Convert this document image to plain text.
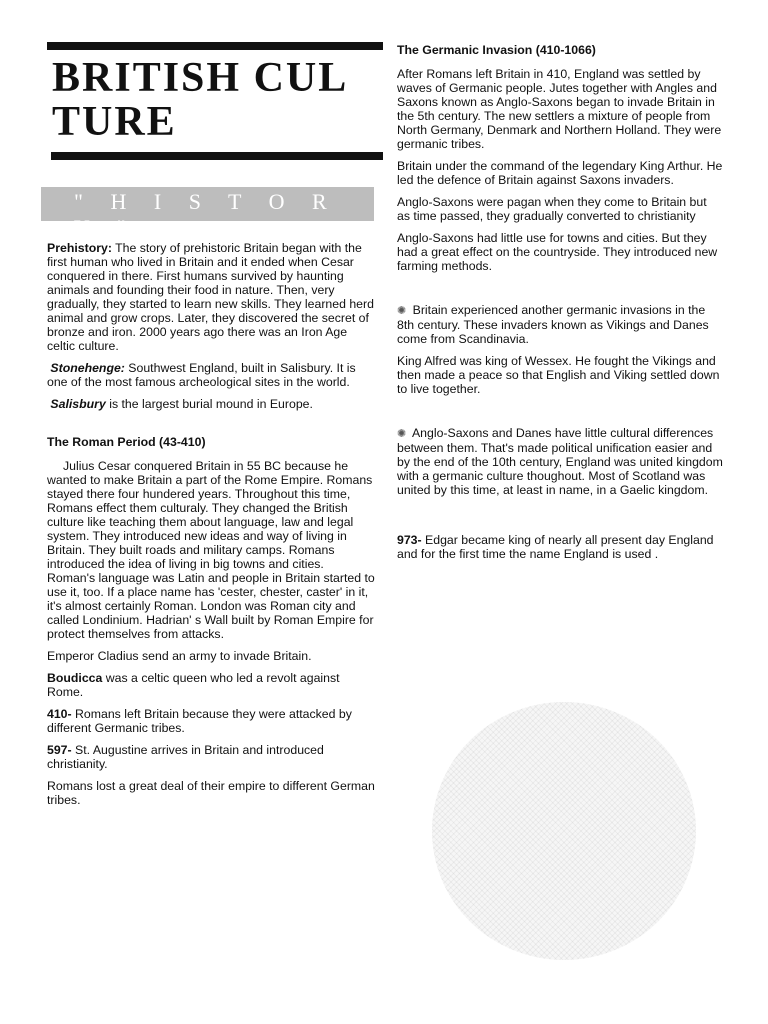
BRITISH CUL
TURE
" H I S T O R Y "

Prehistory: The story of prehistoric Britain began with the first human who lived in Britain and it ended when Cesar conquered in there. First humans survived by haunting animals and founding their food in nature. Then, very gradually, they started to learn new skills. They learned herd animal and grow crops. Later, they discovered the secret of bronze and iron. 2000 years ago there was an Iron Age celtic culture.

Stonehenge: Southwest England, built in Salisbury. It is one of the most famous archeological sites in the world.

Salisbury is the largest burial mound in Europe.

The Roman Period (43-410)

Julius Cesar conquered Britain in 55 BC because he wanted to make Britain a part of the Rome Empire. Romans stayed there four hundered years. Throughout this time, Romans effect them culturaly. They changed the British culture like teaching them about language, law and legal system. They introduced new ideas and way of living in Britain. They built roads and military camps. Romans introduced the idea of living in big towns and cities. Roman's language was Latin and people in Britain started to use it, too. If a place name has 'cester, chester, caster' in it, it's almost certainly Roman. London was Roman city and called Londinium. Hadrian' s Wall built by Roman Empire for protect themselves from attacks.

Emperor Cladius send an army to invade Britain.

Boudicca was a celtic queen who led a revolt against Rome.

410- Romans left Britain because they were attacked by different Germanic tribes.

597- St. Augustine arrives in Britain and introduced christianity.

Romans lost a great deal of their empire to different German tribes.

The Germanic Invasion (410-1066)

After Romans left Britain in 410, England was settled by waves of Germanic people. Jutes together with Angles and Saxons known as Anglo-Saxons began to invade Britain in the 5th century. The new settlers a mixture of people from North Germany, Denmark and Northern Holland. They were germanic tribes.

Britain under the command of the legendary King Arthur. He led the defence of Britain against Saxons invaders.

Anglo-Saxons were pagan when they come to Britain but as time passed, they gradually converted to christianity

Anglo-Saxons had little use for towns and cities. But they had a great effect on the countryside. They introduced new farming methods.

✺ Britain experienced another germanic invasions in the 8th century. These invaders known as Vikings and Danes come from Scandinavia.

King Alfred was king of Wessex. He fought the Vikings and then made a peace so that English and Viking settled down to live together.

✺ Anglo-Saxons and Danes have little cultural differences between them. That's made political unification easier and by the end of the 10th century, England was united kingdom with a germanic culture thoughout. Most of Scotland was united by this time, at least in name, in a Gaelic kingdom.

973- Edgar became king of nearly all present day England and for the first time the name England is used .
